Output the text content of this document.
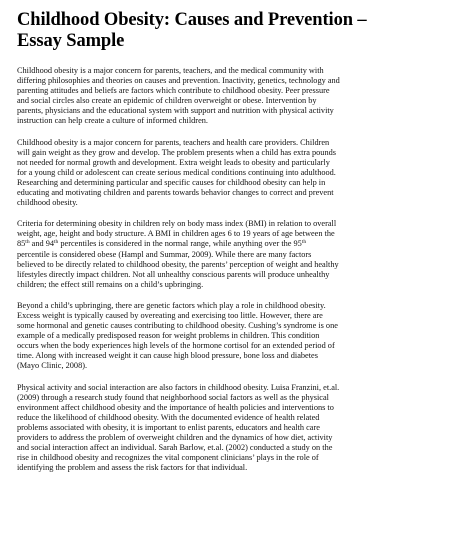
Childhood Obesity: Causes and Prevention –
Essay Sample
Childhood obesity is a major concern for parents, teachers, and the medical community with
differing philosophies and theories on causes and prevention. Inactivity, genetics, technology and
parenting attitudes and beliefs are factors which contribute to childhood obesity. Peer pressure
and social circles also create an epidemic of children overweight or obese. Intervention by
parents, physicians and the educational system with support and nutrition with physical activity
instruction can help create a culture of informed children.
Childhood obesity is a major concern for parents, teachers and health care providers. Children
will gain weight as they grow and develop. The problem presents when a child has extra pounds
not needed for normal growth and development. Extra weight leads to obesity and particularly
for a young child or adolescent can create serious medical conditions continuing into adulthood.
Researching and determining particular and specific causes for childhood obesity can help in
educating and motivating children and parents towards behavior changes to correct and prevent
childhood obesity.
Criteria for determining obesity in children rely on body mass index (BMI) in relation to overall
weight, age, height and body structure. A BMI in children ages 6 to 19 years of age between the
85th and 94th percentiles is considered in the normal range, while anything over the 95th
percentile is considered obese (Hampl and Summar, 2009). While there are many factors
believed to be directly related to childhood obesity, the parents’ perception of weight and healthy
lifestyles directly impact children. Not all unhealthy conscious parents will produce unhealthy
children; the effect still remains on a child’s upbringing.
Beyond a child’s upbringing, there are genetic factors which play a role in childhood obesity.
Excess weight is typically caused by overeating and exercising too little. However, there are
some hormonal and genetic causes contributing to childhood obesity. Cushing’s syndrome is one
example of a medically predisposed reason for weight problems in children. This condition
occurs when the body experiences high levels of the hormone cortisol for an extended period of
time. Along with increased weight it can cause high blood pressure, bone loss and diabetes
(Mayo Clinic, 2008).
Physical activity and social interaction are also factors in childhood obesity. Luisa Franzini, et.al.
(2009) through a research study found that neighborhood social factors as well as the physical
environment affect childhood obesity and the importance of health policies and interventions to
reduce the likelihood of childhood obesity. With the documented evidence of health related
problems associated with obesity, it is important to enlist parents, educators and health care
providers to address the problem of overweight children and the dynamics of how diet, activity
and social interaction affect an individual. Sarah Barlow, et.al. (2002) conducted a study on the
rise in childhood obesity and recognizes the vital component clinicians’ plays in the role of
identifying the problem and assess the risk factors for that individual.
